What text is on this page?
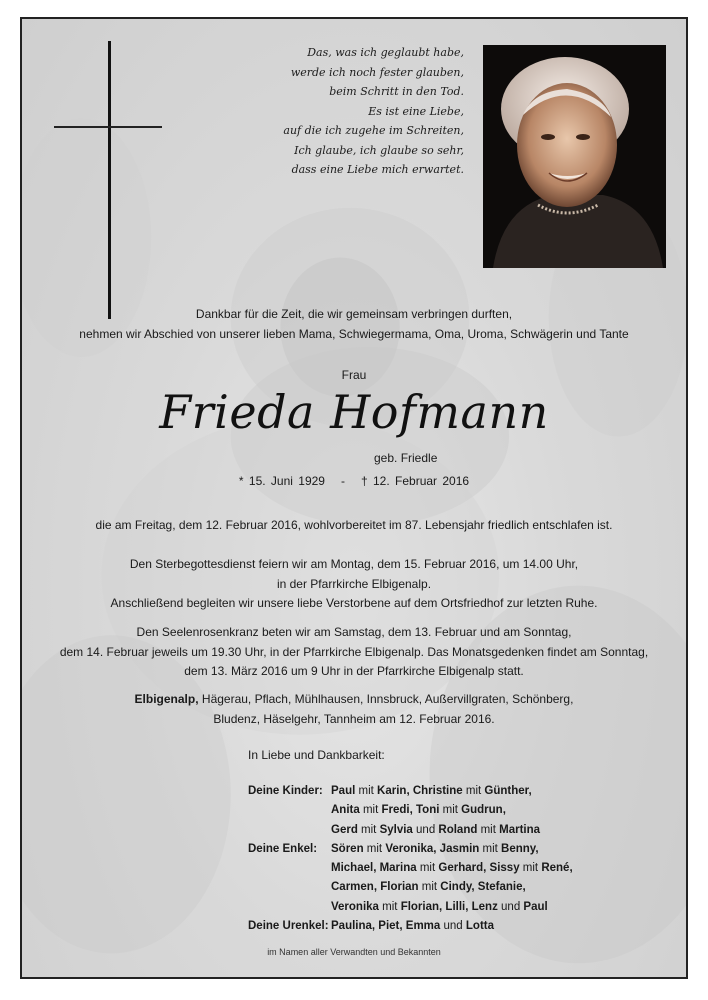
Das, was ich geglaubt habe,
werde ich noch fester glauben,
beim Schritt in den Tod.
Es ist eine Liebe,
auf die ich zugehe im Schreiten,
Ich glaube, ich glaube so sehr,
dass eine Liebe mich erwartet.
Dankbar für die Zeit, die wir gemeinsam verbringen durften,
nehmen wir Abschied von unserer lieben Mama, Schwiegermama, Oma, Uroma, Schwägerin und Tante
Frau
Frieda Hofmann
geb. Friedle
* 15. Juni 1929 - † 12. Februar 2016
die am Freitag, dem 12. Februar 2016, wohlvorbereitet im 87. Lebensjahr friedlich entschlafen ist.
Den Sterbegottesdienst feiern wir am Montag, dem 15. Februar 2016, um 14.00 Uhr,
in der Pfarrkirche Elbigenalp.
Anschließend begleiten wir unsere liebe Verstorbene auf dem Ortsfriedhof zur letzten Ruhe.
Den Seelenrosenkranz beten wir am Samstag, dem 13. Februar und am Sonntag,
dem 14. Februar jeweils um 19.30 Uhr, in der Pfarrkirche Elbigenalp. Das Monatsgedenken findet am Sonntag,
dem 13. März 2016 um 9 Uhr in der Pfarrkirche Elbigenalp statt.
Elbigenalp, Hägerau, Pflach, Mühlhausen, Innsbruck, Außervillgraten, Schönberg,
Bludenz, Häselgehr, Tannheim am 12. Februar 2016.
In Liebe und Dankbarkeit:
Deine Kinder: Paul mit Karin, Christine mit Günther,
Anita mit Fredi, Toni mit Gudrun,
Gerd mit Sylvia und Roland mit Martina
Deine Enkel:	Sören mit Veronika, Jasmin mit Benny,
Michael, Marina mit Gerhard, Sissy mit René,
Carmen, Florian mit Cindy, Stefanie,
Veronika mit Florian, Lilli, Lenz und Paul
Deine Urenkel: Paulina, Piet, Emma und Lotta
im Namen aller Verwandten und Bekannten
